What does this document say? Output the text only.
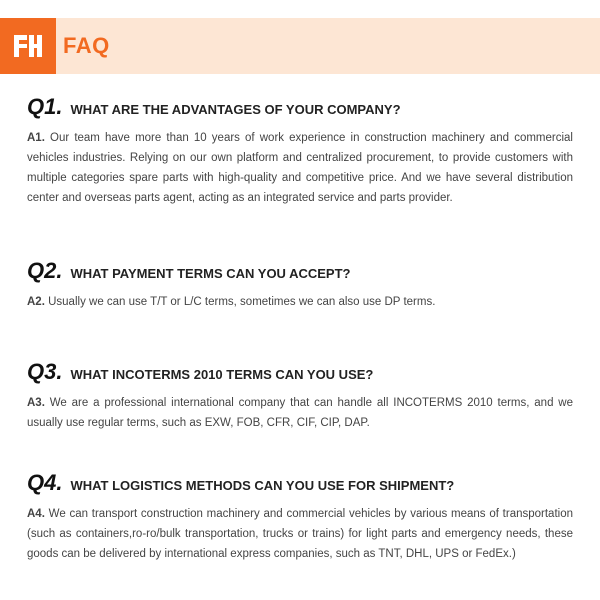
FAQ
Q1. WHAT ARE THE ADVANTAGES OF YOUR COMPANY?
A1. Our team have more than 10 years of work experience in construction machinery and commercial vehicles industries. Relying on our own platform and centralized procurement, to provide customers with multiple categories spare parts with high-quality and competitive price. And we have several distribution center and overseas parts agent, acting as an integrated service and parts provider.
Q2. WHAT PAYMENT TERMS CAN YOU ACCEPT?
A2. Usually we can use T/T or L/C terms, sometimes we can also use DP terms.
Q3. WHAT INCOTERMS 2010 TERMS CAN YOU USE?
A3. We are a professional international company that can handle all INCOTERMS 2010 terms, and we usually use regular terms, such as EXW, FOB, CFR, CIF, CIP, DAP.
Q4. WHAT LOGISTICS METHODS CAN YOU USE FOR SHIPMENT?
A4. We can transport construction machinery and commercial vehicles by various means of transportation (such as containers,ro-ro/bulk transportation, trucks or trains) for light parts and emergency needs, these goods can be delivered by international express companies, such as TNT, DHL, UPS or FedEx.)
